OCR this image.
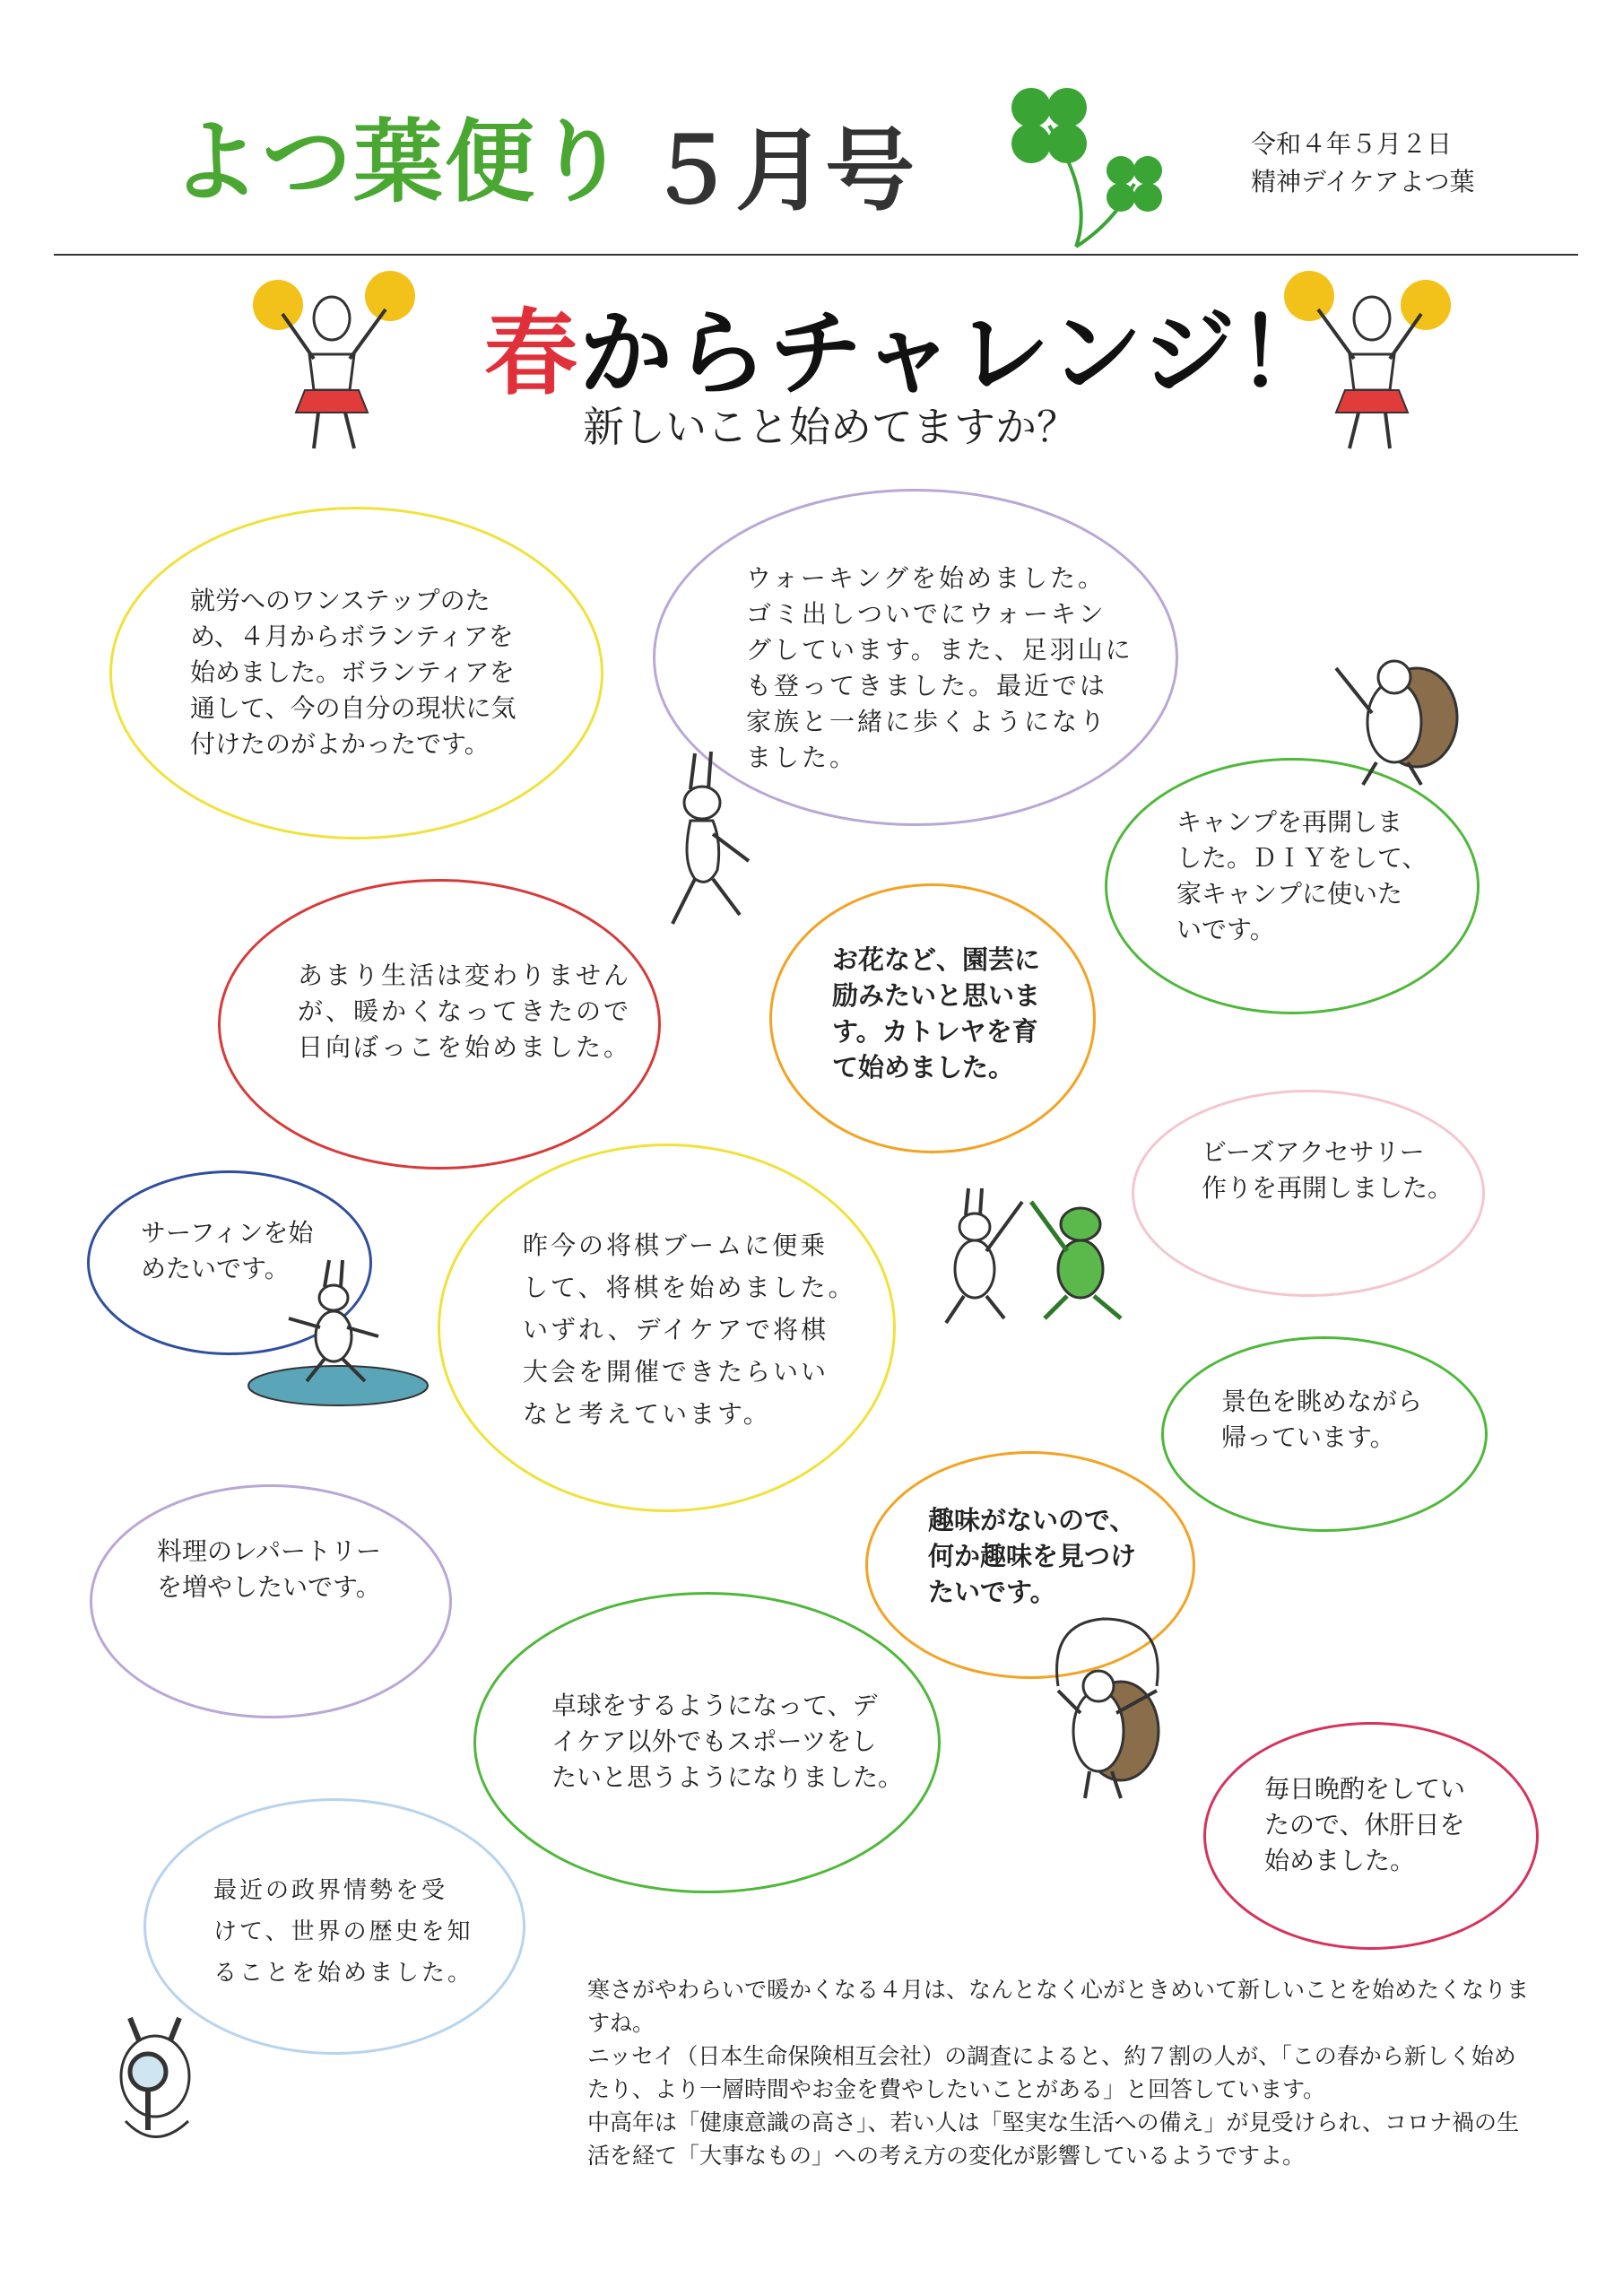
よつ葉便り ５月号	令和４年５月２日
精神デイケアよつ葉
春からチャレンジ！
新しいこと始めてますか？
就労へのワンステップのた
め、４月からボランティアを
始めました。ボランティアを
通して、今の自分の現状に気
付けたのがよかったです。
ウォーキングを始めました。
ゴミ出しついでにウォーキン
グしています。また、足羽山に
も登ってきました。最近では
家族と一緒に歩くようになり
ました。
キャンプを再開しま
した。ＤＩＹをして、
家キャンプに使いた
いです。
あまり生活は変わりません
が、暖かくなってきたので
日向ぼっこを始めました。
お花など、園芸に
励みたいと思いま
す。カトレヤを育
て始めました。
ビーズアクセサリー
作りを再開しました。
サーフィンを始
めたいです。
昨今の将棋ブームに便乗
して、将棋を始めました。
いずれ、デイケアで将棋
大会を開催できたらいい
なと考えています。	景色を眺めながら
帰っています。
料理のレパートリー
を増やしたいです。
趣味がないので、
何か趣味を見つけ
たいです。
卓球をするようになって、デ
イケア以外でもスポーツをし
たいと思うようになりました。	毎日晩酌をしてい
たので、休肝日を
始めました。
最近の政界情勢を受
けて、世界の歴史を知
ることを始めました。

寒さがやわらいで暖かくなる４月は、なんとなく心がときめいて新しいことを始めたくなりますね。

ニッセイ（日本生命保険相互会社）の調査によると、約７割の人が、「この春から新しく始めたり、より一層時間やお金を費やしたいことがある」と回答しています。

中高年は「健康意識の高さ」、若い人は「堅実な生活への備え」が見受けられ、コロナ禍の生活を経て「大事なもの」への考え方の変化が影響しているようですよ。
